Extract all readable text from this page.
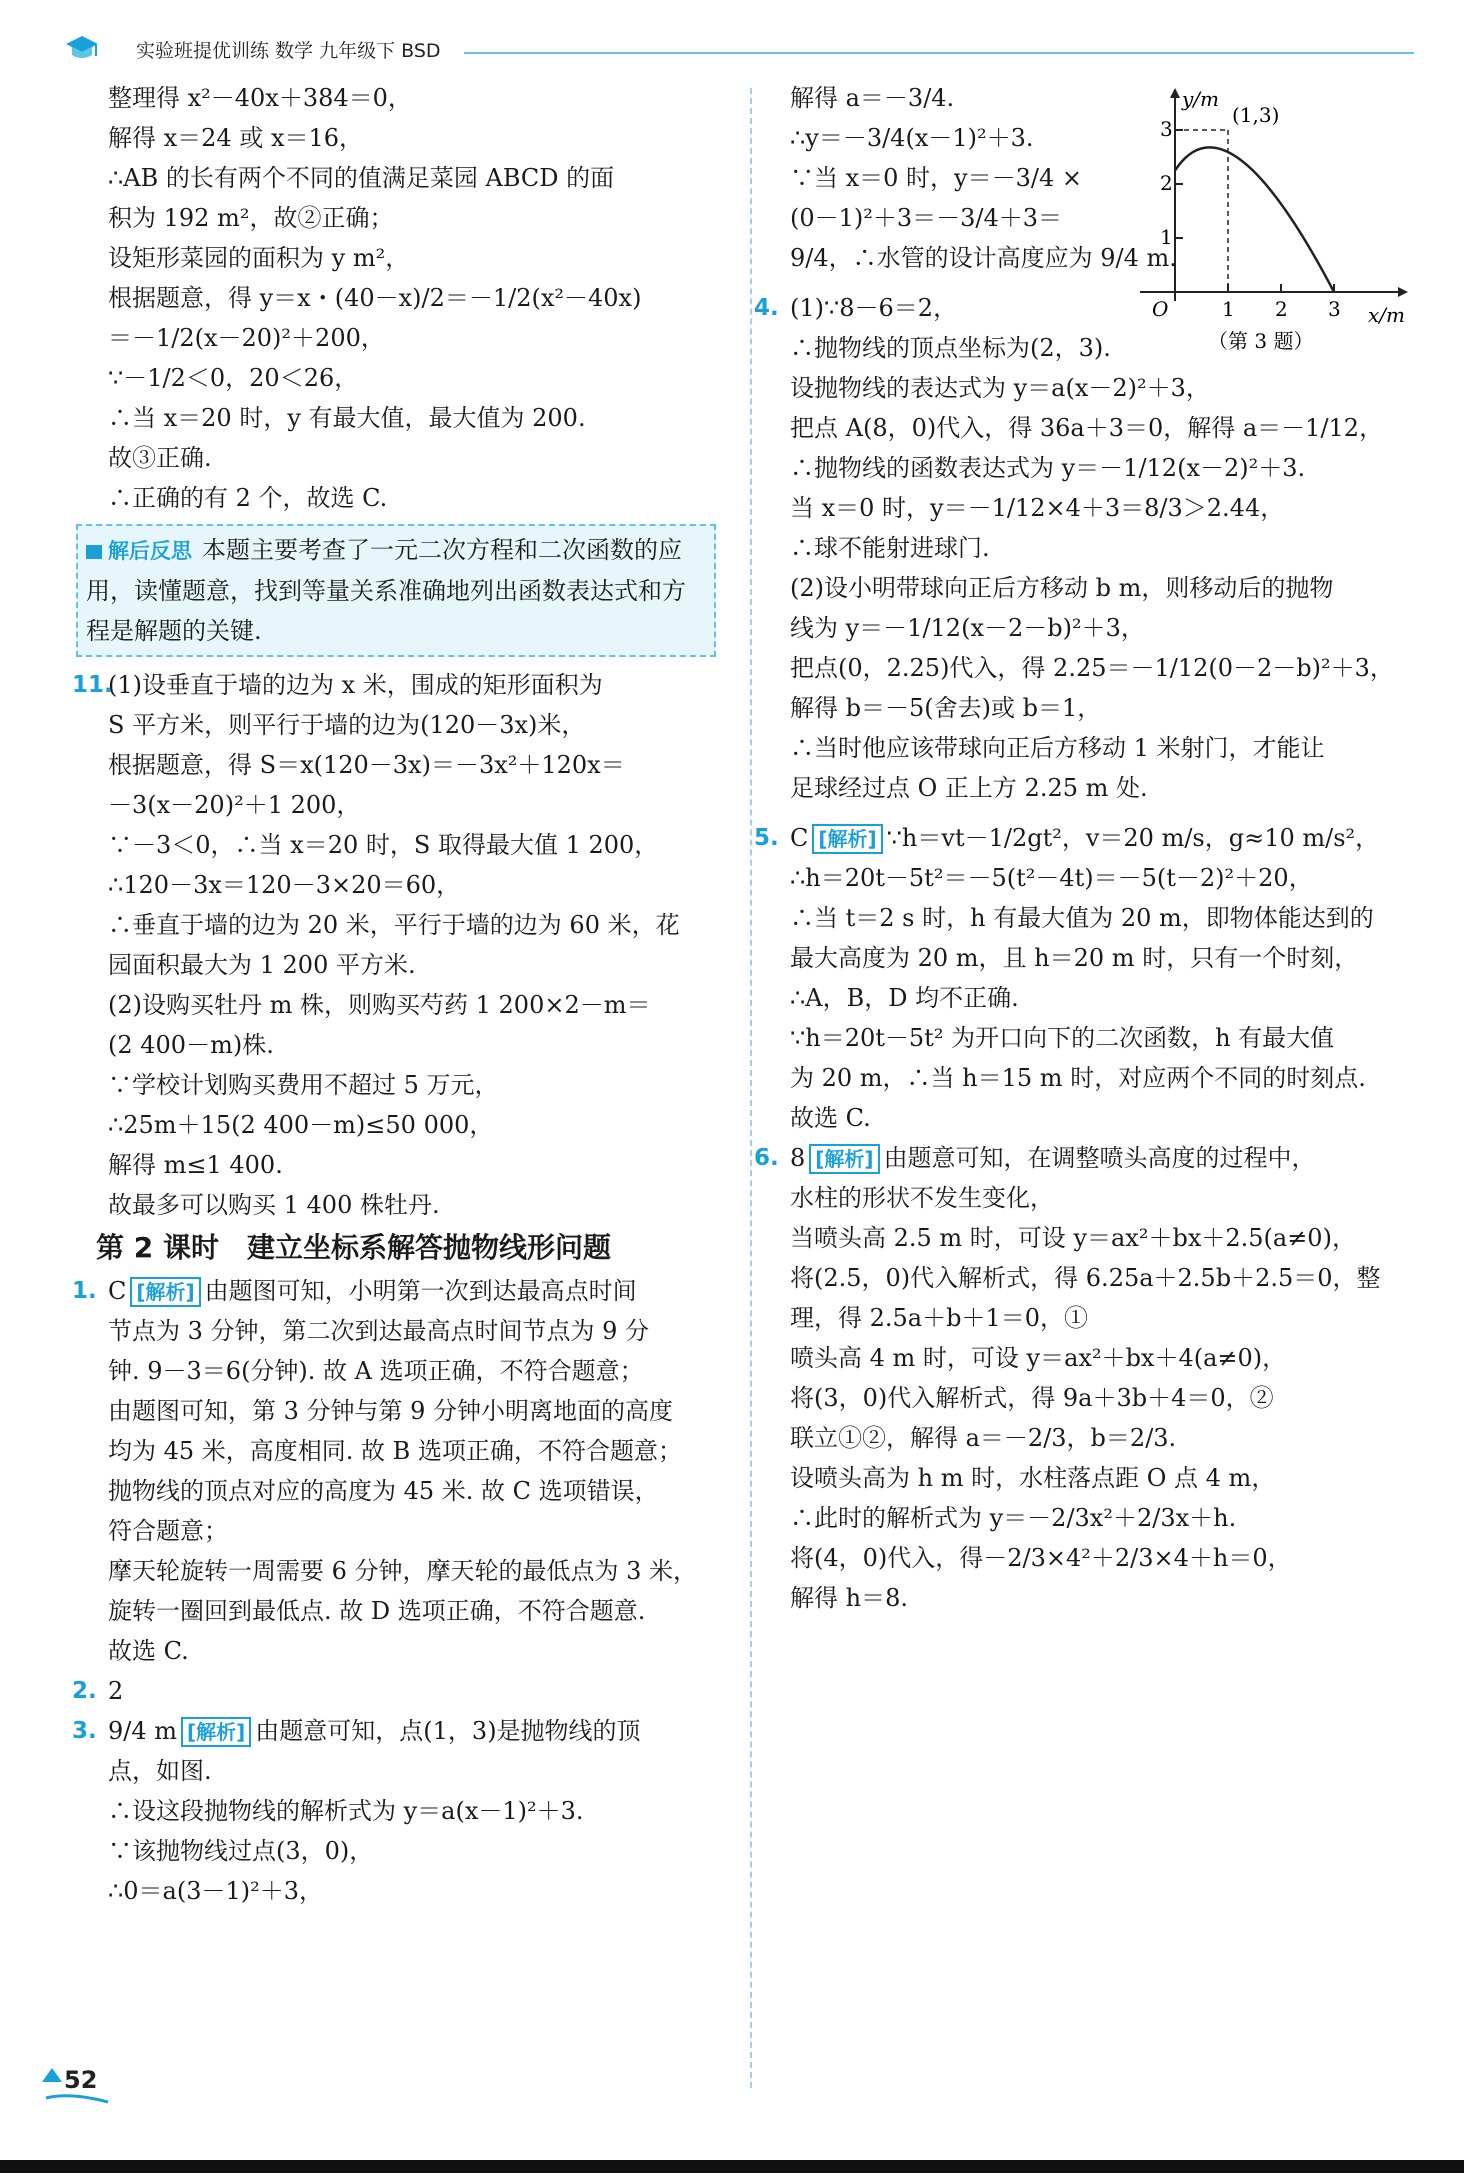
实验班提优训练 数学 九年级下 BSD
y/m
x/m
O
(1,3)
1
2
3
1 2 3
（第 3 题）
整理得 x²－40x＋384＝0，
解得 x＝24 或 x＝16，
∴AB 的长有两个不同的值满足菜园 ABCD 的面
积为 192 m²，故②正确；
设矩形菜园的面积为 y m²，
根据题意，得 y＝x・(40－x)/2＝－1/2(x²－40x)
＝－1/2(x－20)²＋200，
∵－1/2＜0，20＜26，
∴当 x＝20 时，y 有最大值，最大值为 200.
故③正确.
∴正确的有 2 个，故选 C.
解后反思 本题主要考查了一元二次方程和二次函数的应用，读懂题意，找到等量关系准确地列出函数表达式和方程是解题的关键.
11.
(1)设垂直于墙的边为 x 米，围成的矩形面积为
S 平方米，则平行于墙的边为(120－3x)米，
根据题意，得 S＝x(120－3x)＝－3x²＋120x＝
－3(x－20)²＋1 200，
∵－3＜0，∴当 x＝20 时，S 取得最大值 1 200，
∴120－3x＝120－3×20＝60，
∴垂直于墙的边为 20 米，平行于墙的边为 60 米，花
园面积最大为 1 200 平方米.
(2)设购买牡丹 m 株，则购买芍药 1 200×2－m＝
(2 400－m)株.
∵学校计划购买费用不超过 5 万元，
∴25m＋15(2 400－m)≤50 000，
解得 m≤1 400.
故最多可以购买 1 400 株牡丹.
第 2 课时　建立坐标系解答抛物线形问题
1. C [解析] 由题图可知，小明第一次到达最高点时间
节点为 3 分钟，第二次到达最高点时间节点为 9 分
钟. 9－3＝6(分钟). 故 A 选项正确，不符合题意；
由题图可知，第 3 分钟与第 9 分钟小明离地面的高度
均为 45 米，高度相同. 故 B 选项正确，不符合题意；
抛物线的顶点对应的高度为 45 米. 故 C 选项错误，
符合题意；
摩天轮旋转一周需要 6 分钟，摩天轮的最低点为 3 米，
旋转一圈回到最低点. 故 D 选项正确，不符合题意.
故选 C.
2. 2
3. 9/4 m [解析] 由题意可知，点(1，3)是抛物线的顶
点，如图.
∴设这段抛物线的解析式为 y＝a(x－1)²＋3.
∵该抛物线过点(3，0)，
∴0＝a(3－1)²＋3，
解得 a＝－3/4.
∴y＝－3/4(x－1)²＋3.
∵当 x＝0 时，y＝－3/4 ×
(0－1)²＋3＝－3/4＋3＝
9/4，∴水管的设计高度应为 9/4 m.
4. (1)∵8－6＝2，
∴抛物线的顶点坐标为(2，3).
设抛物线的表达式为 y＝a(x－2)²＋3，
把点 A(8，0)代入，得 36a＋3＝0，解得 a＝－1/12，
∴抛物线的函数表达式为 y＝－1/12(x－2)²＋3.
当 x＝0 时，y＝－1/12×4＋3＝8/3＞2.44，
∴球不能射进球门.
(2)设小明带球向正后方移动 b m，则移动后的抛物
线为 y＝－1/12(x－2－b)²＋3，
把点(0，2.25)代入，得 2.25＝－1/12(0－2－b)²＋3，
解得 b＝－5(舍去)或 b＝1，
∴当时他应该带球向正后方移动 1 米射门，才能让
足球经过点 O 正上方 2.25 m 处.
5. C [解析] ∵h＝vt－1/2gt²，v＝20 m/s，g≈10 m/s²，
∴h＝20t－5t²＝－5(t²－4t)＝－5(t－2)²＋20，
∴当 t＝2 s 时，h 有最大值为 20 m，即物体能达到的
最大高度为 20 m，且 h＝20 m 时，只有一个时刻，
∴A，B，D 均不正确.
∵h＝20t－5t² 为开口向下的二次函数，h 有最大值
为 20 m，∴当 h＝15 m 时，对应两个不同的时刻点.
故选 C.
6. 8 [解析] 由题意可知，在调整喷头高度的过程中，
水柱的形状不发生变化，
当喷头高 2.5 m 时，可设 y＝ax²＋bx＋2.5(a≠0)，
将(2.5，0)代入解析式，得 6.25a＋2.5b＋2.5＝0，整
理，得 2.5a＋b＋1＝0，①
喷头高 4 m 时，可设 y＝ax²＋bx＋4(a≠0)，
将(3，0)代入解析式，得 9a＋3b＋4＝0，②
联立①②，解得 a＝－2/3，b＝2/3.
设喷头高为 h m 时，水柱落点距 O 点 4 m，
∴此时的解析式为 y＝－2/3x²＋2/3x＋h.
将(4，0)代入，得－2/3×4²＋2/3×4＋h＝0，
解得 h＝8.
52
